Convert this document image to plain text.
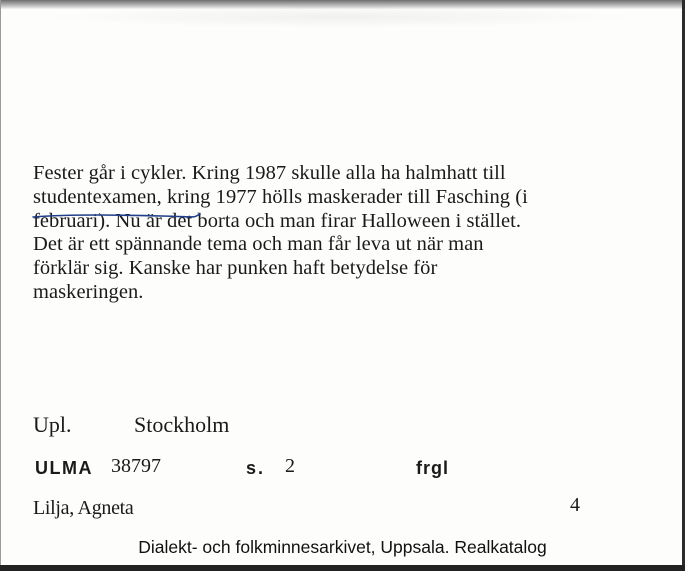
Fester går i cykler. Kring 1987 skulle alla ha halmhatt till
studentexamen, kring 1977 hölls maskerader till Fasching (i
februari). Nu är det borta och man firar Halloween i stället.
Det är ett spännande tema och man får leva ut när man
förklär sig. Kanske har punken haft betydelse för
maskeringen.
Upl.	Stockholm
ULMA 38797	s. 2	frgl
Lilja, Agneta	4
Dialekt- och folkminnesarkivet, Uppsala. Realkatalog
